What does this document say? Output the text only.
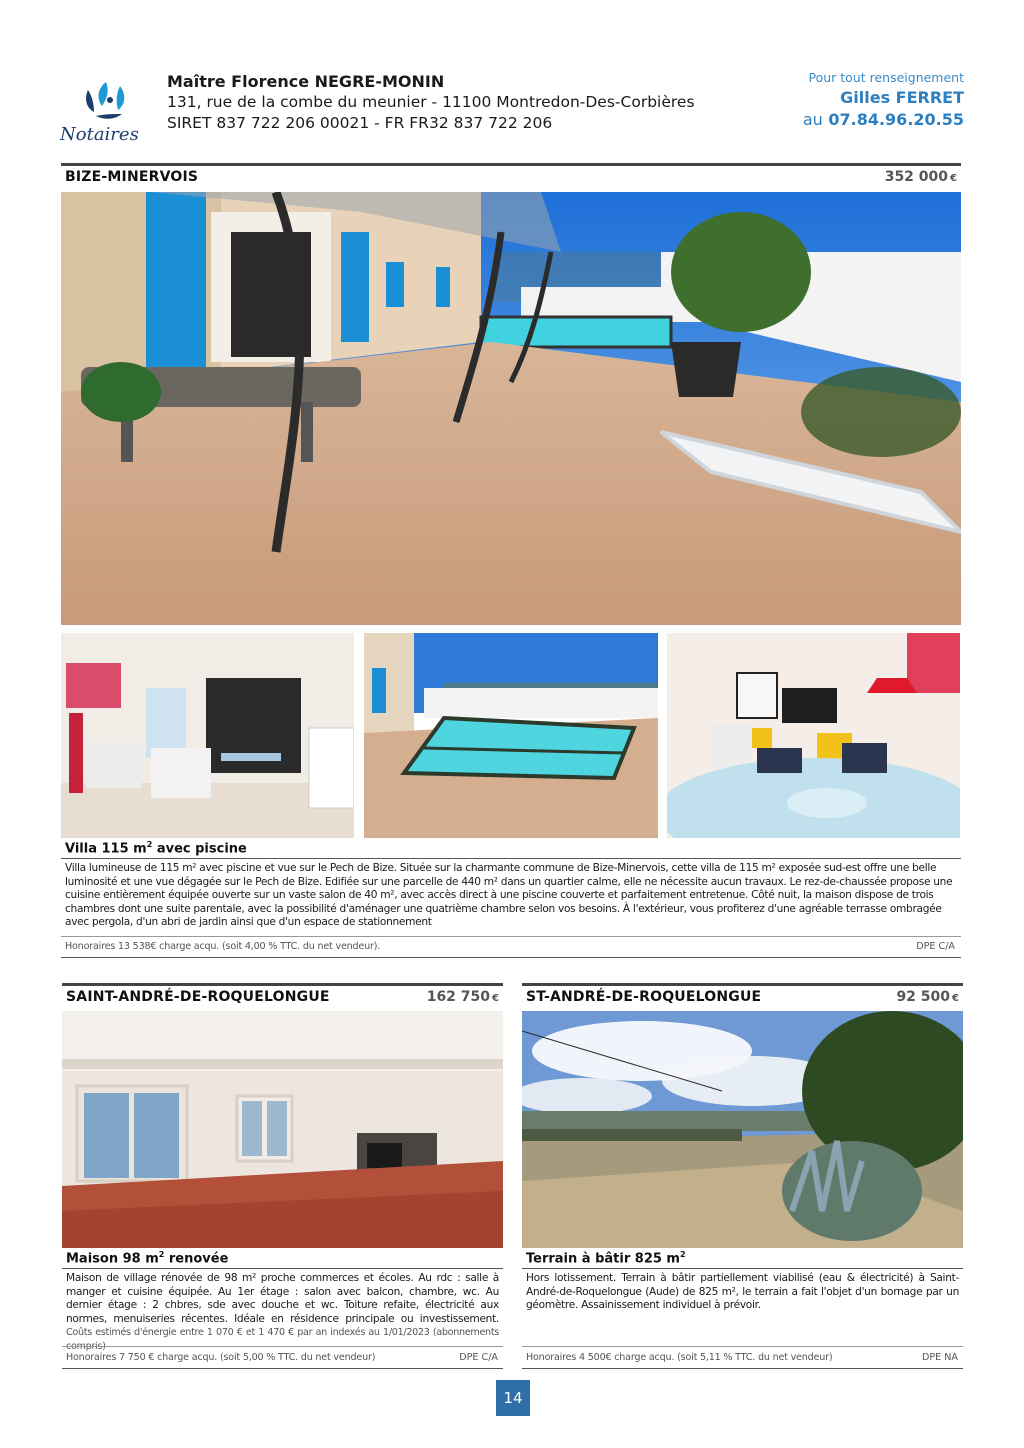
Notaires
Maître Florence NEGRE-MONIN
131, rue de la combe du meunier - 11100 Montredon-Des-Corbières
SIRET 837 722 206 00021 - FR FR32 837 722 206
Pour tout renseignement
Gilles FERRET
au 07.84.96.20.55
BIZE-MINERVOIS	352 000 €
Villa 115 $m^2$ avec piscine
Villa lumineuse de 115 m² avec piscine et vue sur le Pech de Bize. Située sur la charmante commune de Bize-Minervois, cette villa de 115 m² exposée sud-est offre une belle luminosité et une vue dégagée sur le Pech de Bize. Edifiée sur une parcelle de 440 m² dans un quartier calme, elle ne nécessite aucun travaux. Le rez-de-chaussée propose une cuisine entièrement équipée ouverte sur un vaste salon de 40 m², avec accès direct à une piscine couverte et parfaitement entretenue. Côté nuit, la maison dispose de trois chambres dont une suite parentale, avec la possibilité d'aménager une quatrième chambre selon vos besoins. À l'extérieur, vous profiterez d'une agréable terrasse ombragée avec pergola, d'un abri de jardin ainsi que d'un espace de stationnement
Honoraires 13 538€ charge acqu. (soit 4,00 % TTC. du net vendeur).	DPE C/A
SAINT-ANDRÉ-DE-ROQUELONGUE	162 750 €
Maison 98 $m^2$ renovée
Maison de village rénovée de 98 m² proche commerces et écoles. Au rdc : salle à manger et cuisine équipée. Au 1er étage : salon avec balcon, chambre, wc. Au dernier étage : 2 chbres, sde avec douche et wc. Toiture refaite, électricité aux normes, menuiseries récentes. Idéale en résidence principale ou investissement. Coûts estimés d'énergie entre 1 070 € et 1 470 € par an indexés au 1/01/2023 (abonnements
Honoraires 7 750 € charge acqu. (soit 5,00 % TTC. du net vendeur)	DPE C/A
ST-ANDRÉ-DE-ROQUELONGUE	92 500 €
Terrain à bâtir 825 $m^2$
Hors lotissement. Terrain à bâtir partiellement viabilisé (eau & électricité) à Saint-André-de-Roquelongue (Aude) de 825 m², le terrain a fait l'objet d'un bornage par un géomètre. Assainissement individuel à prévoir.
Honoraires 4 500€ charge acqu. (soit 5,11 % TTC. du net vendeur)	DPE NA
14
